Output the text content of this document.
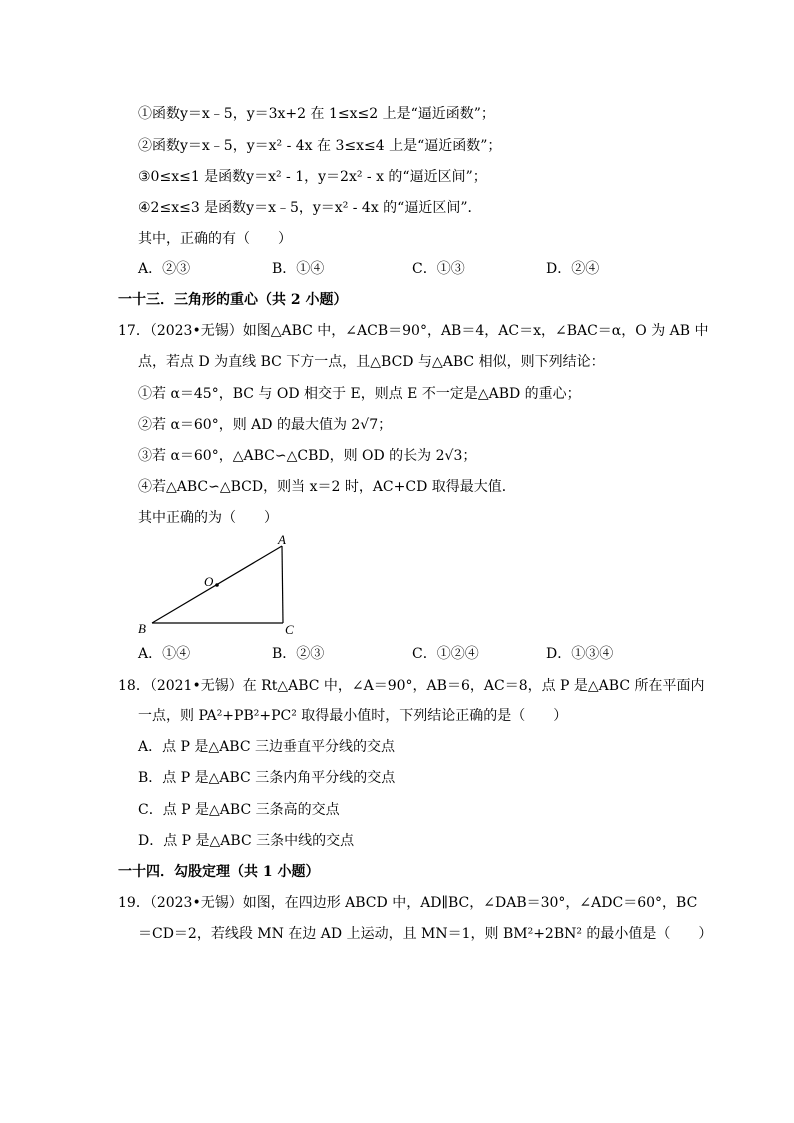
①函数y＝x﹣5，y＝3x+2 在 1≤x≤2 上是“逼近函数”；
②函数y＝x﹣5，y＝x² - 4x 在 3≤x≤4 上是“逼近函数”；
③0≤x≤1 是函数y＝x² - 1，y＝2x² - x 的“逼近区间”；
④2≤x≤3 是函数y＝x﹣5，y＝x² - 4x 的“逼近区间”．
其中，正确的有（　　）
A．②③	B．①④	C．①③	D．②④
一十三．三角形的重心（共 2 小题）
17．（2023•无锡）如图△ABC 中，∠ACB＝90°，AB＝4，AC＝x，∠BAC＝α，O 为 AB 中
点，若点 D 为直线 BC 下方一点，且△BCD 与△ABC 相似，则下列结论：
①若 α＝45°，BC 与 OD 相交于 E，则点 E 不一定是△ABD 的重心；
②若 α＝60°，则 AD 的最大值为 2√7；
③若 α＝60°，△ABC∽△CBD，则 OD 的长为 2√3；
④若△ABC∽△BCD，则当 x＝2 时，AC+CD 取得最大值．
其中正确的为（　　）
A
O
B	C
A．①④	B．②③	C．①②④	D．①③④
18．（2021•无锡）在 Rt△ABC 中，∠A＝90°，AB＝6，AC＝8，点 P 是△ABC 所在平面内
一点，则 PA²+PB²+PC² 取得最小值时，下列结论正确的是（　　）
A．点 P 是△ABC 三边垂直平分线的交点
B．点 P 是△ABC 三条内角平分线的交点
C．点 P 是△ABC 三条高的交点
D．点 P 是△ABC 三条中线的交点
一十四．勾股定理（共 1 小题）
19．（2023•无锡）如图，在四边形 ABCD 中，AD∥BC，∠DAB＝30°，∠ADC＝60°，BC
＝CD＝2，若线段 MN 在边 AD 上运动，且 MN＝1，则 BM²+2BN² 的最小值是（　　）
